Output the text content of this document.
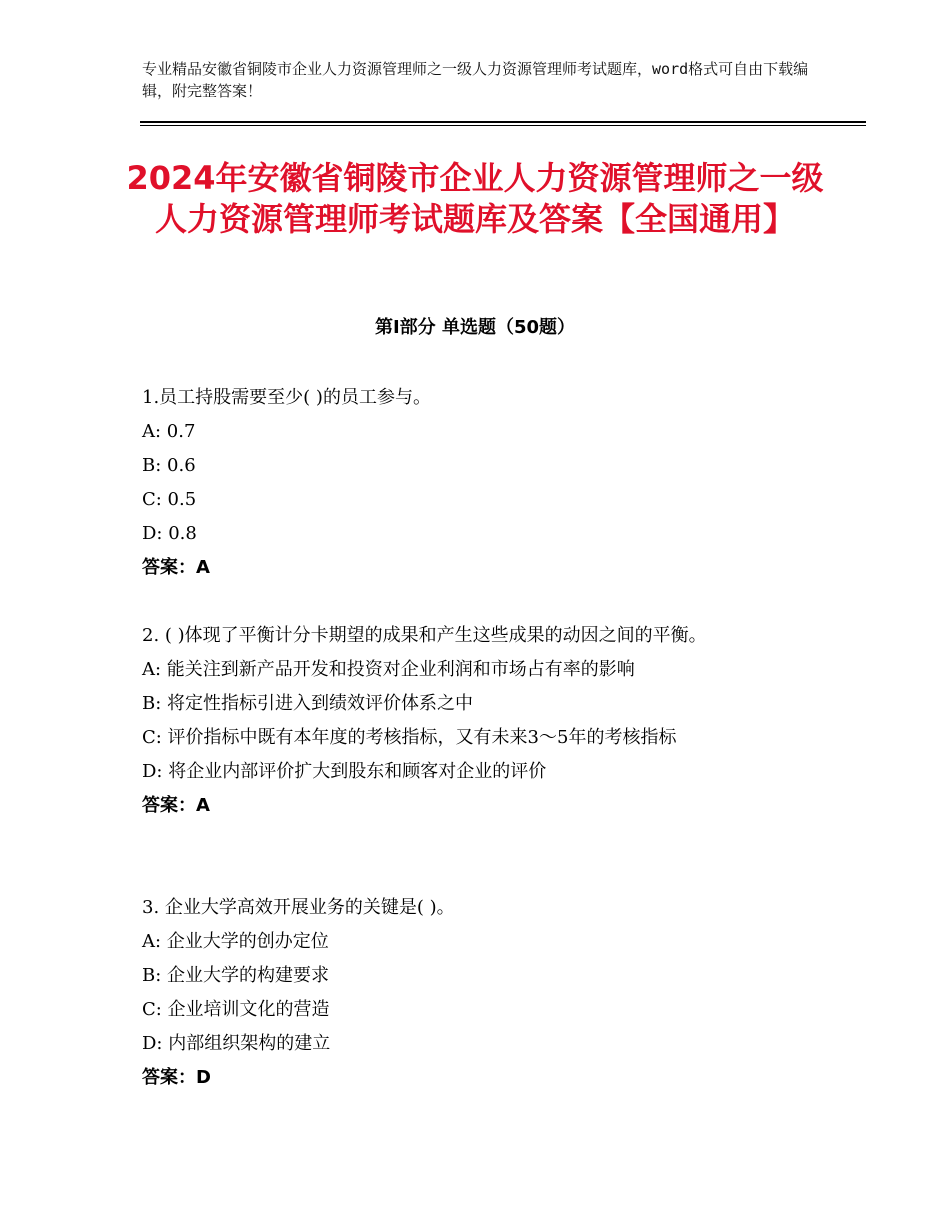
专业精品安徽省铜陵市企业人力资源管理师之一级人力资源管理师考试题库，word格式可自由下载编辑，附完整答案！
2024年安徽省铜陵市企业人力资源管理师之一级人力资源管理师考试题库及答案【全国通用】
第Ⅰ部分 单选题（50题）
1.员工持股需要至少( )的员工参与。
A: 0.7
B: 0.6
C: 0.5
D: 0.8
答案：A
2. ( )体现了平衡计分卡期望的成果和产生这些成果的动因之间的平衡。
A: 能关注到新产品开发和投资对企业利润和市场占有率的影响
B: 将定性指标引进入到绩效评价体系之中
C: 评价指标中既有本年度的考核指标，又有未来3～5年的考核指标
D: 将企业内部评价扩大到股东和顾客对企业的评价
答案：A
3. 企业大学高效开展业务的关键是( )。
A: 企业大学的创办定位
B: 企业大学的构建要求
C: 企业培训文化的营造
D: 内部组织架构的建立
答案：D
